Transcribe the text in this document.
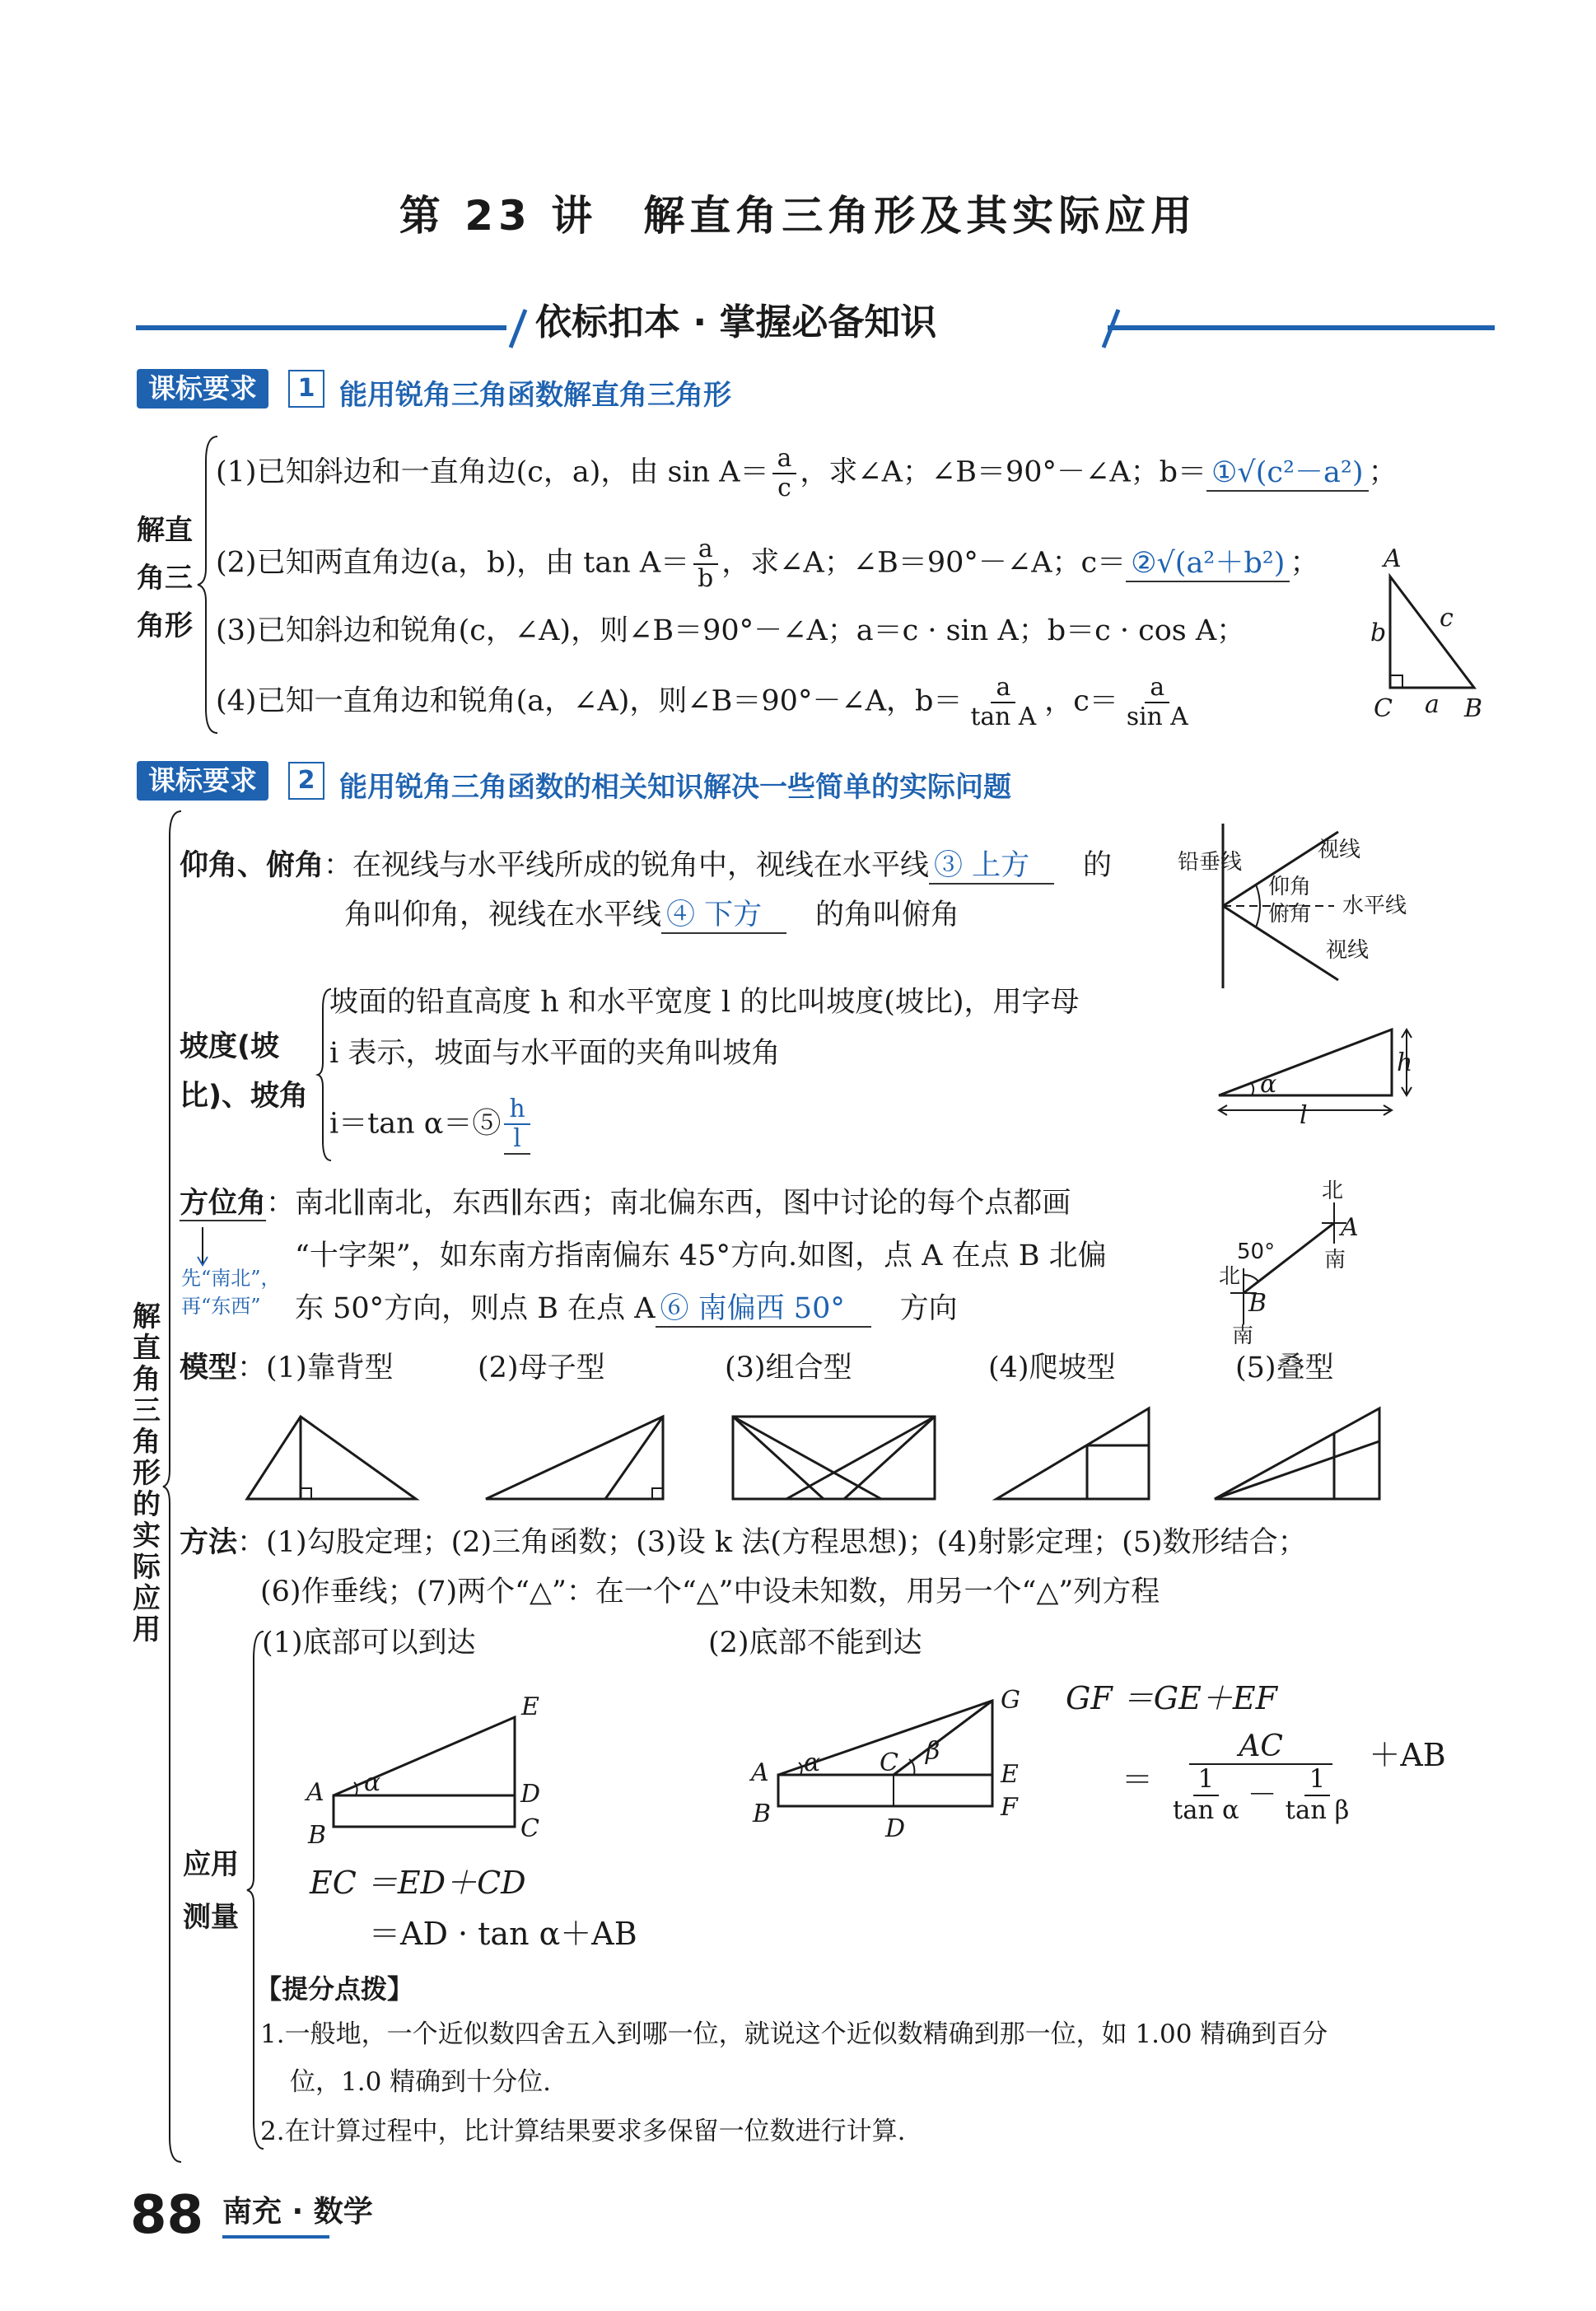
第 23 讲　解直角三角形及其实际应用
依标扣本 · 掌握必备知识
课标要求	1 能用锐角三角函数解直角三角形
解直
角三
角形
(1)已知斜边和一直角边(c，a)，由 $\sin A= \frac{a}{c}$ ，求∠A；∠B＝90°－∠A；b＝ ①√(c²－a²) ；
(2)已知两直角边(a，b)，由 $\tan A= \frac{a}{b}$ ，求∠A；∠B＝90°－∠A；c＝ ②√(a²＋b²) ；
(3)已知斜边和锐角(c，∠A)，则∠B＝90°－∠A；a＝c · sin A；b＝c · cos A；
(4)已知一直角边和锐角(a，∠A)，则∠B＝90°－∠A，$b= \frac{a}{\text{tan A}}$ ，$c= \frac{a}{\text{sin A}}$
A
b
c
C a B
课标要求	2 能用锐角三角函数的相关知识解决一些简单的实际问题
解直角三角形的实际应用
仰角、俯角：在视线与水平线所成的锐角中，视线在水平线 ③ 上方　 的
角叫仰角，视线在水平线 ④ 下方　 的角叫俯角
铅垂线	视线
仰角
俯角 水平线
视线
坡度(坡
比)、坡角
坡面的铅直高度 h 和水平宽度 l 的比叫坡度(坡比)，用字母
i 表示，坡面与水平面的夹角叫坡角
i＝tan α＝⑤ $\frac{h}{l}$
α
h
l
方位角：南北∥南北，东西∥东西；南北偏东西，图中讨论的每个点都画
先“南北”，
再“东西”
“十字架”，如东南方指南偏东 45°方向.如图，点 A 在点 B 北偏
东 50°方向，则点 B 在点 A ⑥ 南偏西 50°　 方向
北
A
南
50°
北
B
南
模型：(1)靠背型	(2)母子型	(3)组合型	(4)爬坡型	(5)叠型
方法：(1)勾股定理；(2)三角函数；(3)设 k 法(方程思想)；(4)射影定理；(5)数形结合；
(6)作垂线；(7)两个“△”：在一个“△”中设未知数，用另一个“△”列方程
应用
测量
(1)底部可以到达	(2)底部不能到达
E
A α	D
B	C
G
A α C β
E
B
D
F
EC ＝ED＋CD
＝AD · tan α＋AB
GF ＝GE＋EF
＝ $\frac{AC}{\frac{1}{\text{tan α}} - \frac{1}{\text{tan β}}} +AB$
【提分点拨】
1.一般地，一个近似数四舍五入到哪一位，就说这个近似数精确到那一位，如 1.00 精确到百分
位，1.0 精确到十分位.
2.在计算过程中，比计算结果要求多保留一位数进行计算.
88 南充 · 数学
